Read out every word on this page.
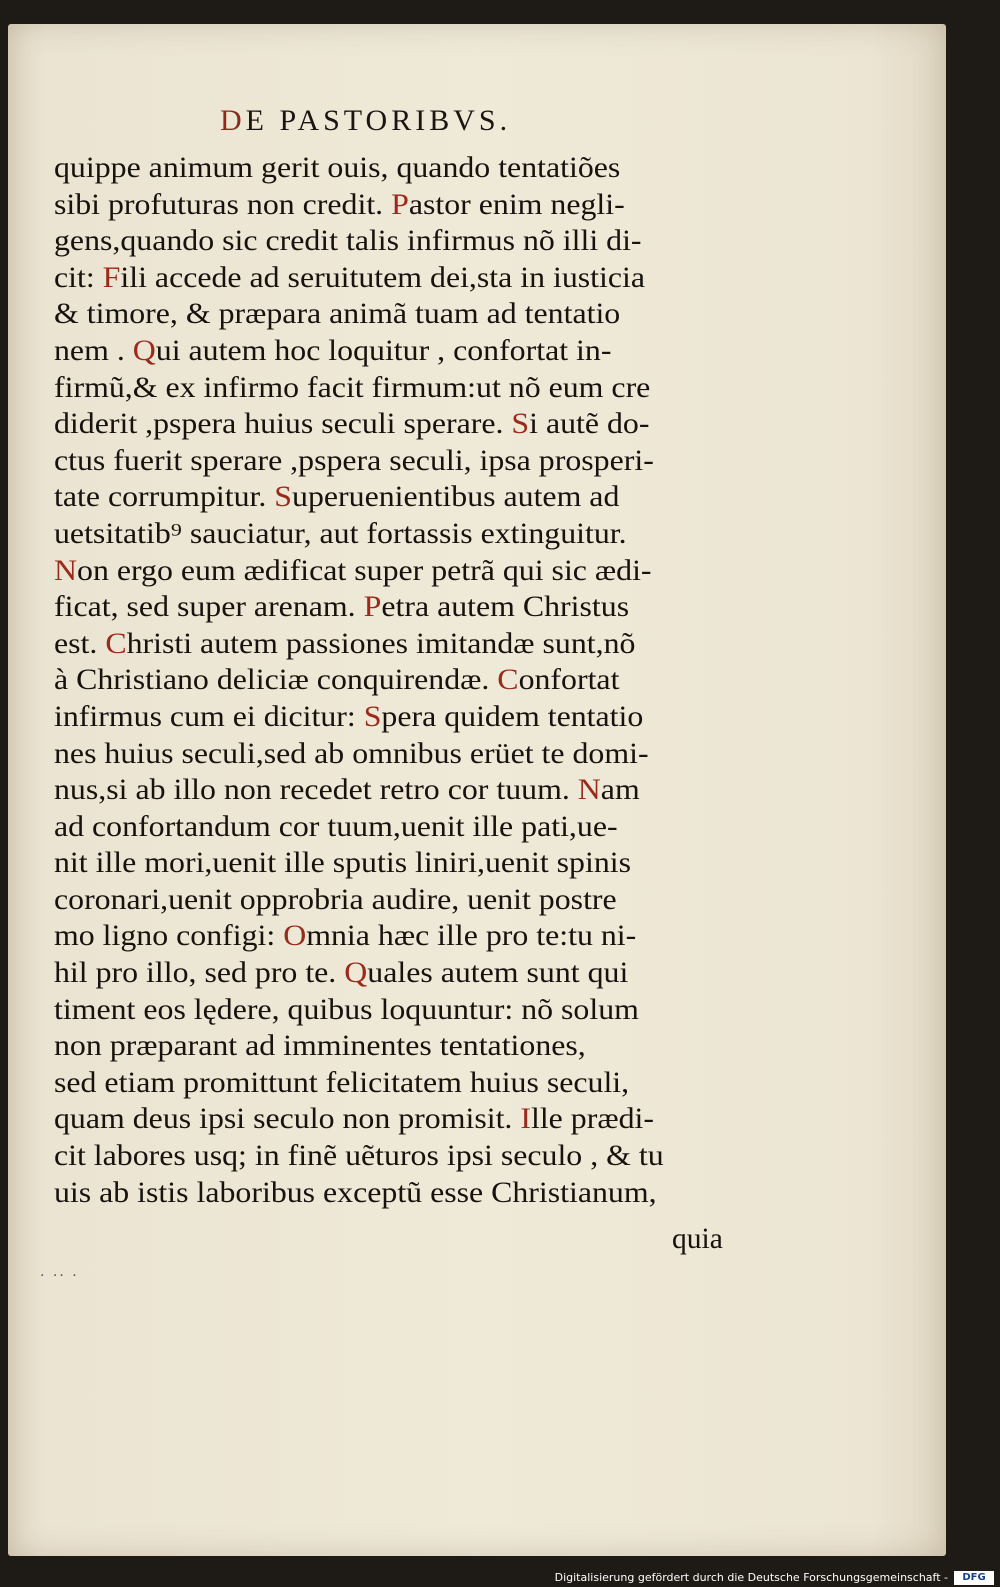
DE PASTORIBVS.
quippe animum gerit ouis, quando tentatiões
sibi profuturas non credit. Pastor enim negli-
gens,quando sic credit talis infirmus nõ illi di-
cit: Fili accede ad seruitutem dei,sta in iusticia
& timore, & præpara animã tuam ad tentatio
nem . Qui autem hoc loquitur , confortat in-
firmũ,& ex infirmo facit firmum:ut nõ eum cre
diderit ,pspera huius seculi sperare. Si autẽ do-
ctus fuerit sperare ,pspera seculi, ipsa prosperi-
tate corrumpitur. Superuenientibus autem ad
uetsitatib⁹ sauciatur, aut fortassis extinguitur.
Non ergo eum ædificat super petrã qui sic ædi-
ficat, sed super arenam. Petra autem Christus
est. Christi autem passiones imitandæ sunt,nõ
à Christiano deliciæ conquirendæ. Confortat
infirmus cum ei dicitur: Spera quidem tentatio
nes huius seculi,sed ab omnibus erüet te domi-
nus,si ab illo non recedet retro cor tuum. Nam
ad confortandum cor tuum,uenit ille pati,ue-
nit ille mori,uenit ille sputis liniri,uenit spinis
coronari,uenit opprobria audire, uenit postre
mo ligno configi: Omnia hæc ille pro te:tu ni-
hil pro illo, sed pro te. Quales autem sunt qui
timent eos lędere, quibus loquuntur: nõ solum
non præparant ad imminentes tentationes,
sed etiam promittunt felicitatem huius seculi,
quam deus ipsi seculo non promisit. Ille prædi-
cit labores usq; in finẽ uẽturos ipsi seculo , & tu
uis ab istis laboribus exceptũ esse Christianum,
quia
· ·· ·
Digitalisierung gefördert durch die Deutsche Forschungsgemeinschaft -	DFG
